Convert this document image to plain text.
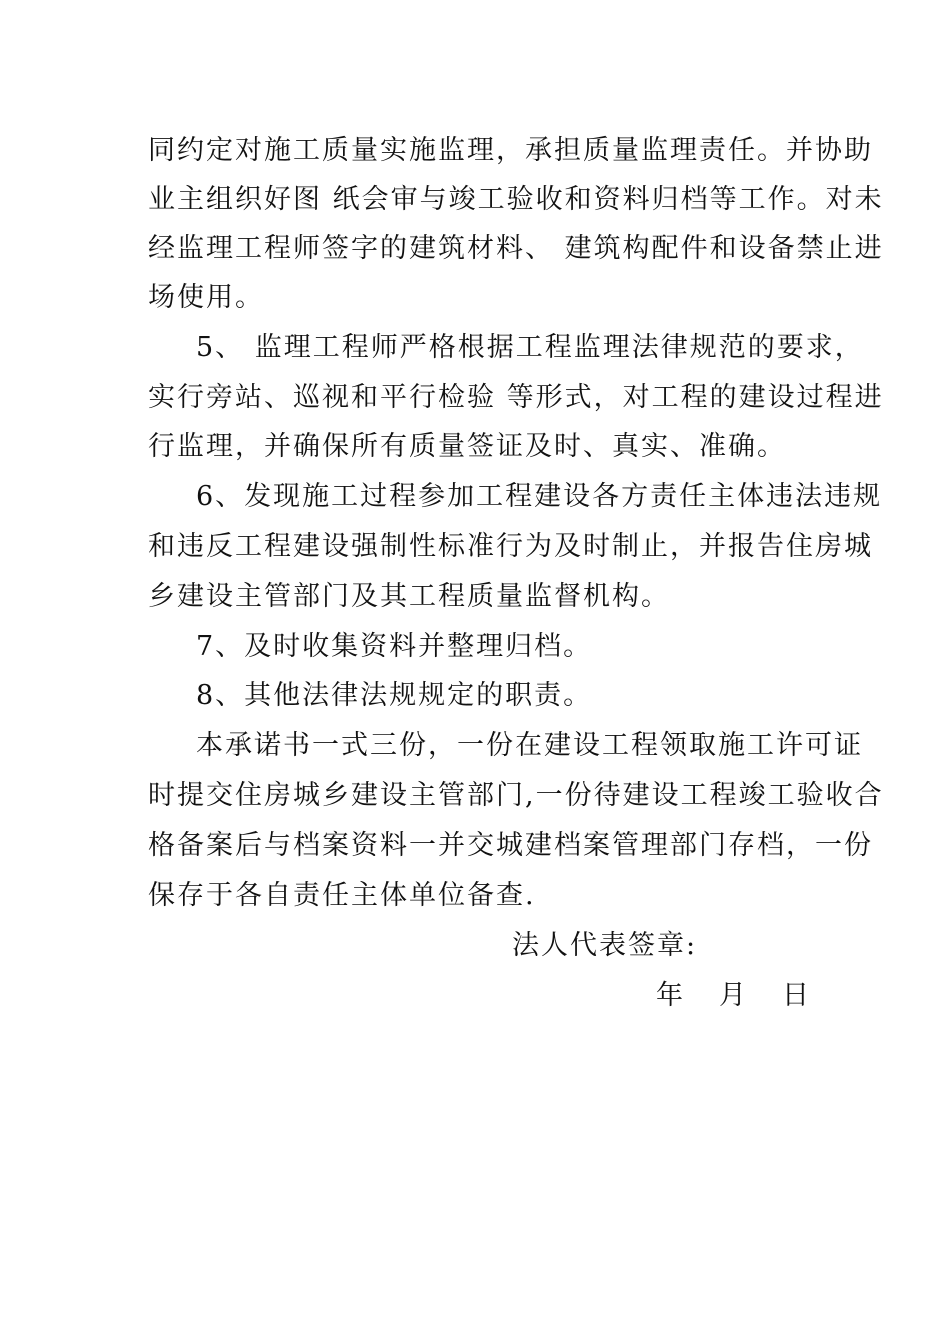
同约定对施工质量实施监理，承担质量监理责任。并协助
业主组织好图 纸会审与竣工验收和资料归档等工作。对未
经监理工程师签字的建筑材料、 建筑构配件和设备禁止进
场使用。
5、 监理工程师严格根据工程监理法律规范的要求，
实行旁站、巡视和平行检验 等形式，对工程的建设过程进
行监理，并确保所有质量签证及时、真实、准确。
6、发现施工过程参加工程建设各方责任主体违法违规
和违反工程建设强制性标准行为及时制止，并报告住房城
乡建设主管部门及其工程质量监督机构。
7、及时收集资料并整理归档。
8、其他法律法规规定的职责。
本承诺书一式三份，一份在建设工程领取施工许可证
时提交住房城乡建设主管部门,一份待建设工程竣工验收合
格备案后与档案资料一并交城建档案管理部门存档，一份
保存于各自责任主体单位备查.
法人代表签章:
年 月 日
